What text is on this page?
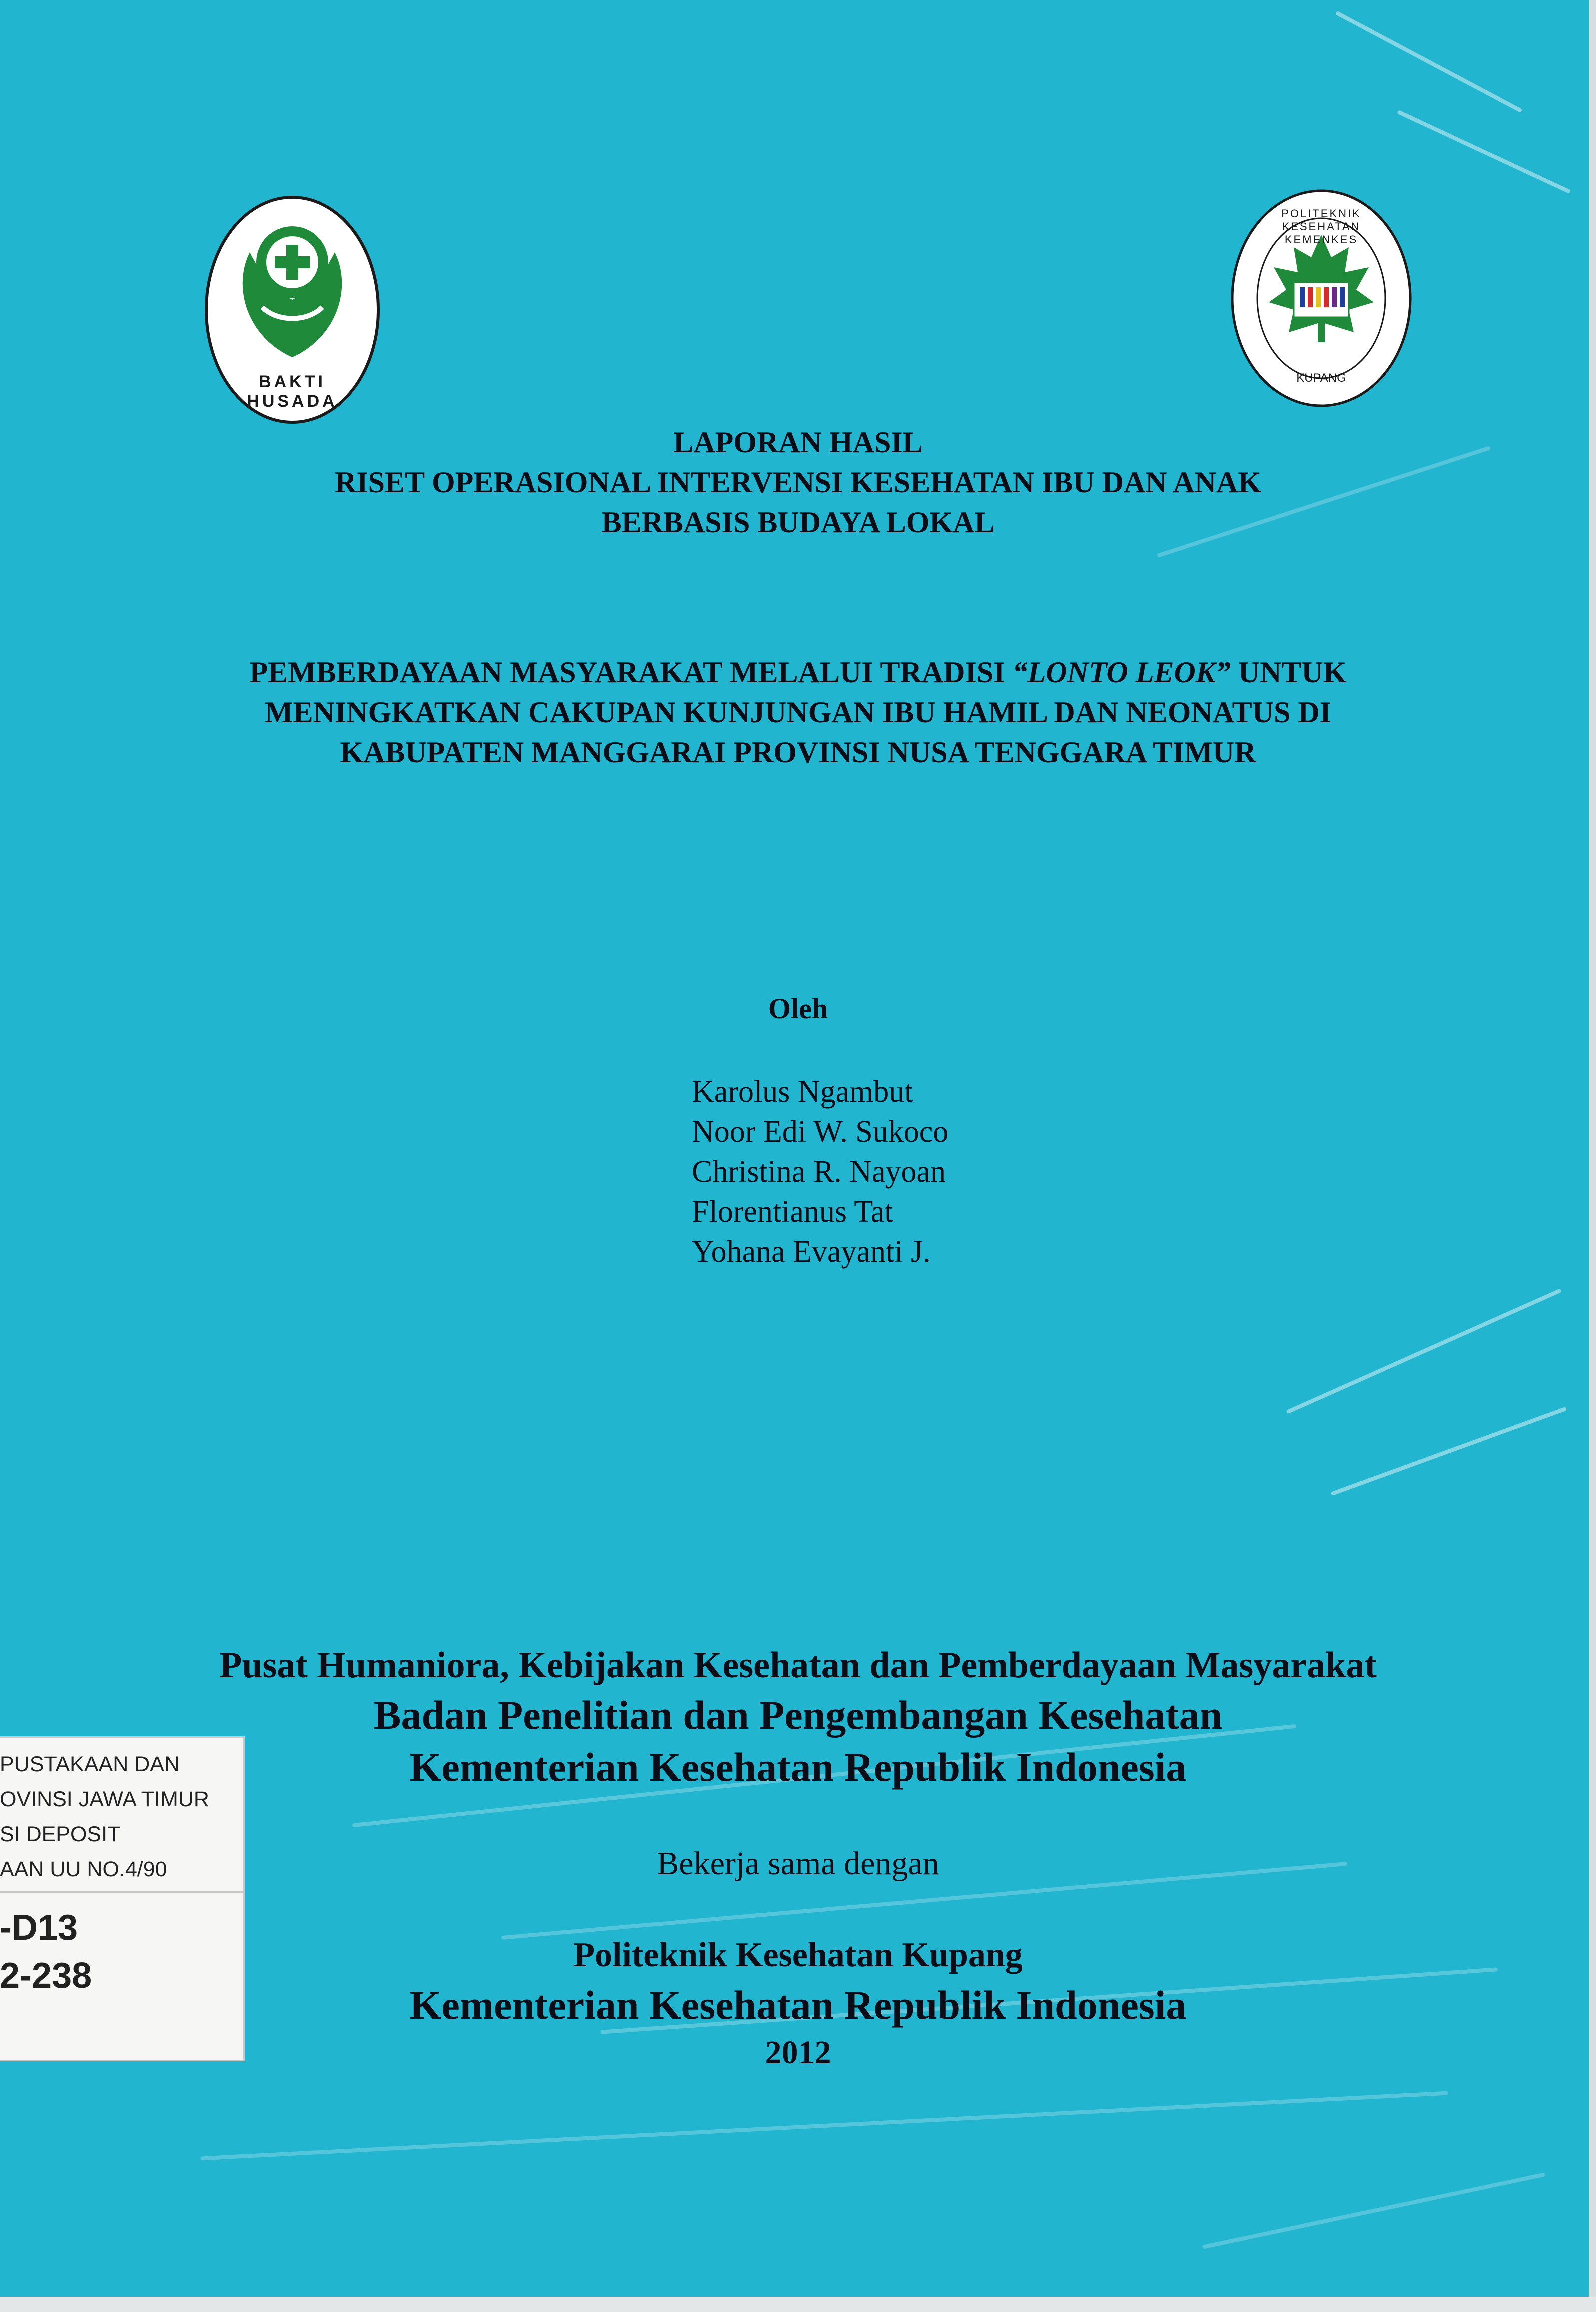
BAKTI HUSADA
POLITEKNIK KESEHATAN KEMENKES
KUPANG
LAPORAN HASIL
RISET OPERASIONAL INTERVENSI KESEHATAN IBU DAN ANAK
BERBASIS BUDAYA LOKAL
PEMBERDAYAAN MASYARAKAT MELALUI TRADISI “LONTO LEOK” UNTUK
MENINGKATKAN CAKUPAN KUNJUNGAN IBU HAMIL DAN NEONATUS DI
KABUPATEN MANGGARAI PROVINSI NUSA TENGGARA TIMUR
Oleh
Karolus Ngambut
Noor Edi W. Sukoco
Christina R. Nayoan
Florentianus Tat
Yohana Evayanti J.
Pusat Humaniora, Kebijakan Kesehatan dan Pemberdayaan Masyarakat
Badan Penelitian dan Pengembangan Kesehatan
Kementerian Kesehatan Republik Indonesia
Bekerja sama dengan
Politeknik Kesehatan Kupang
Kementerian Kesehatan Republik Indonesia
2012
PUSTAKAAN DAN
OVINSI JAWA TIMUR
SI DEPOSIT
AAN UU NO.4/90
-D13
2-238
